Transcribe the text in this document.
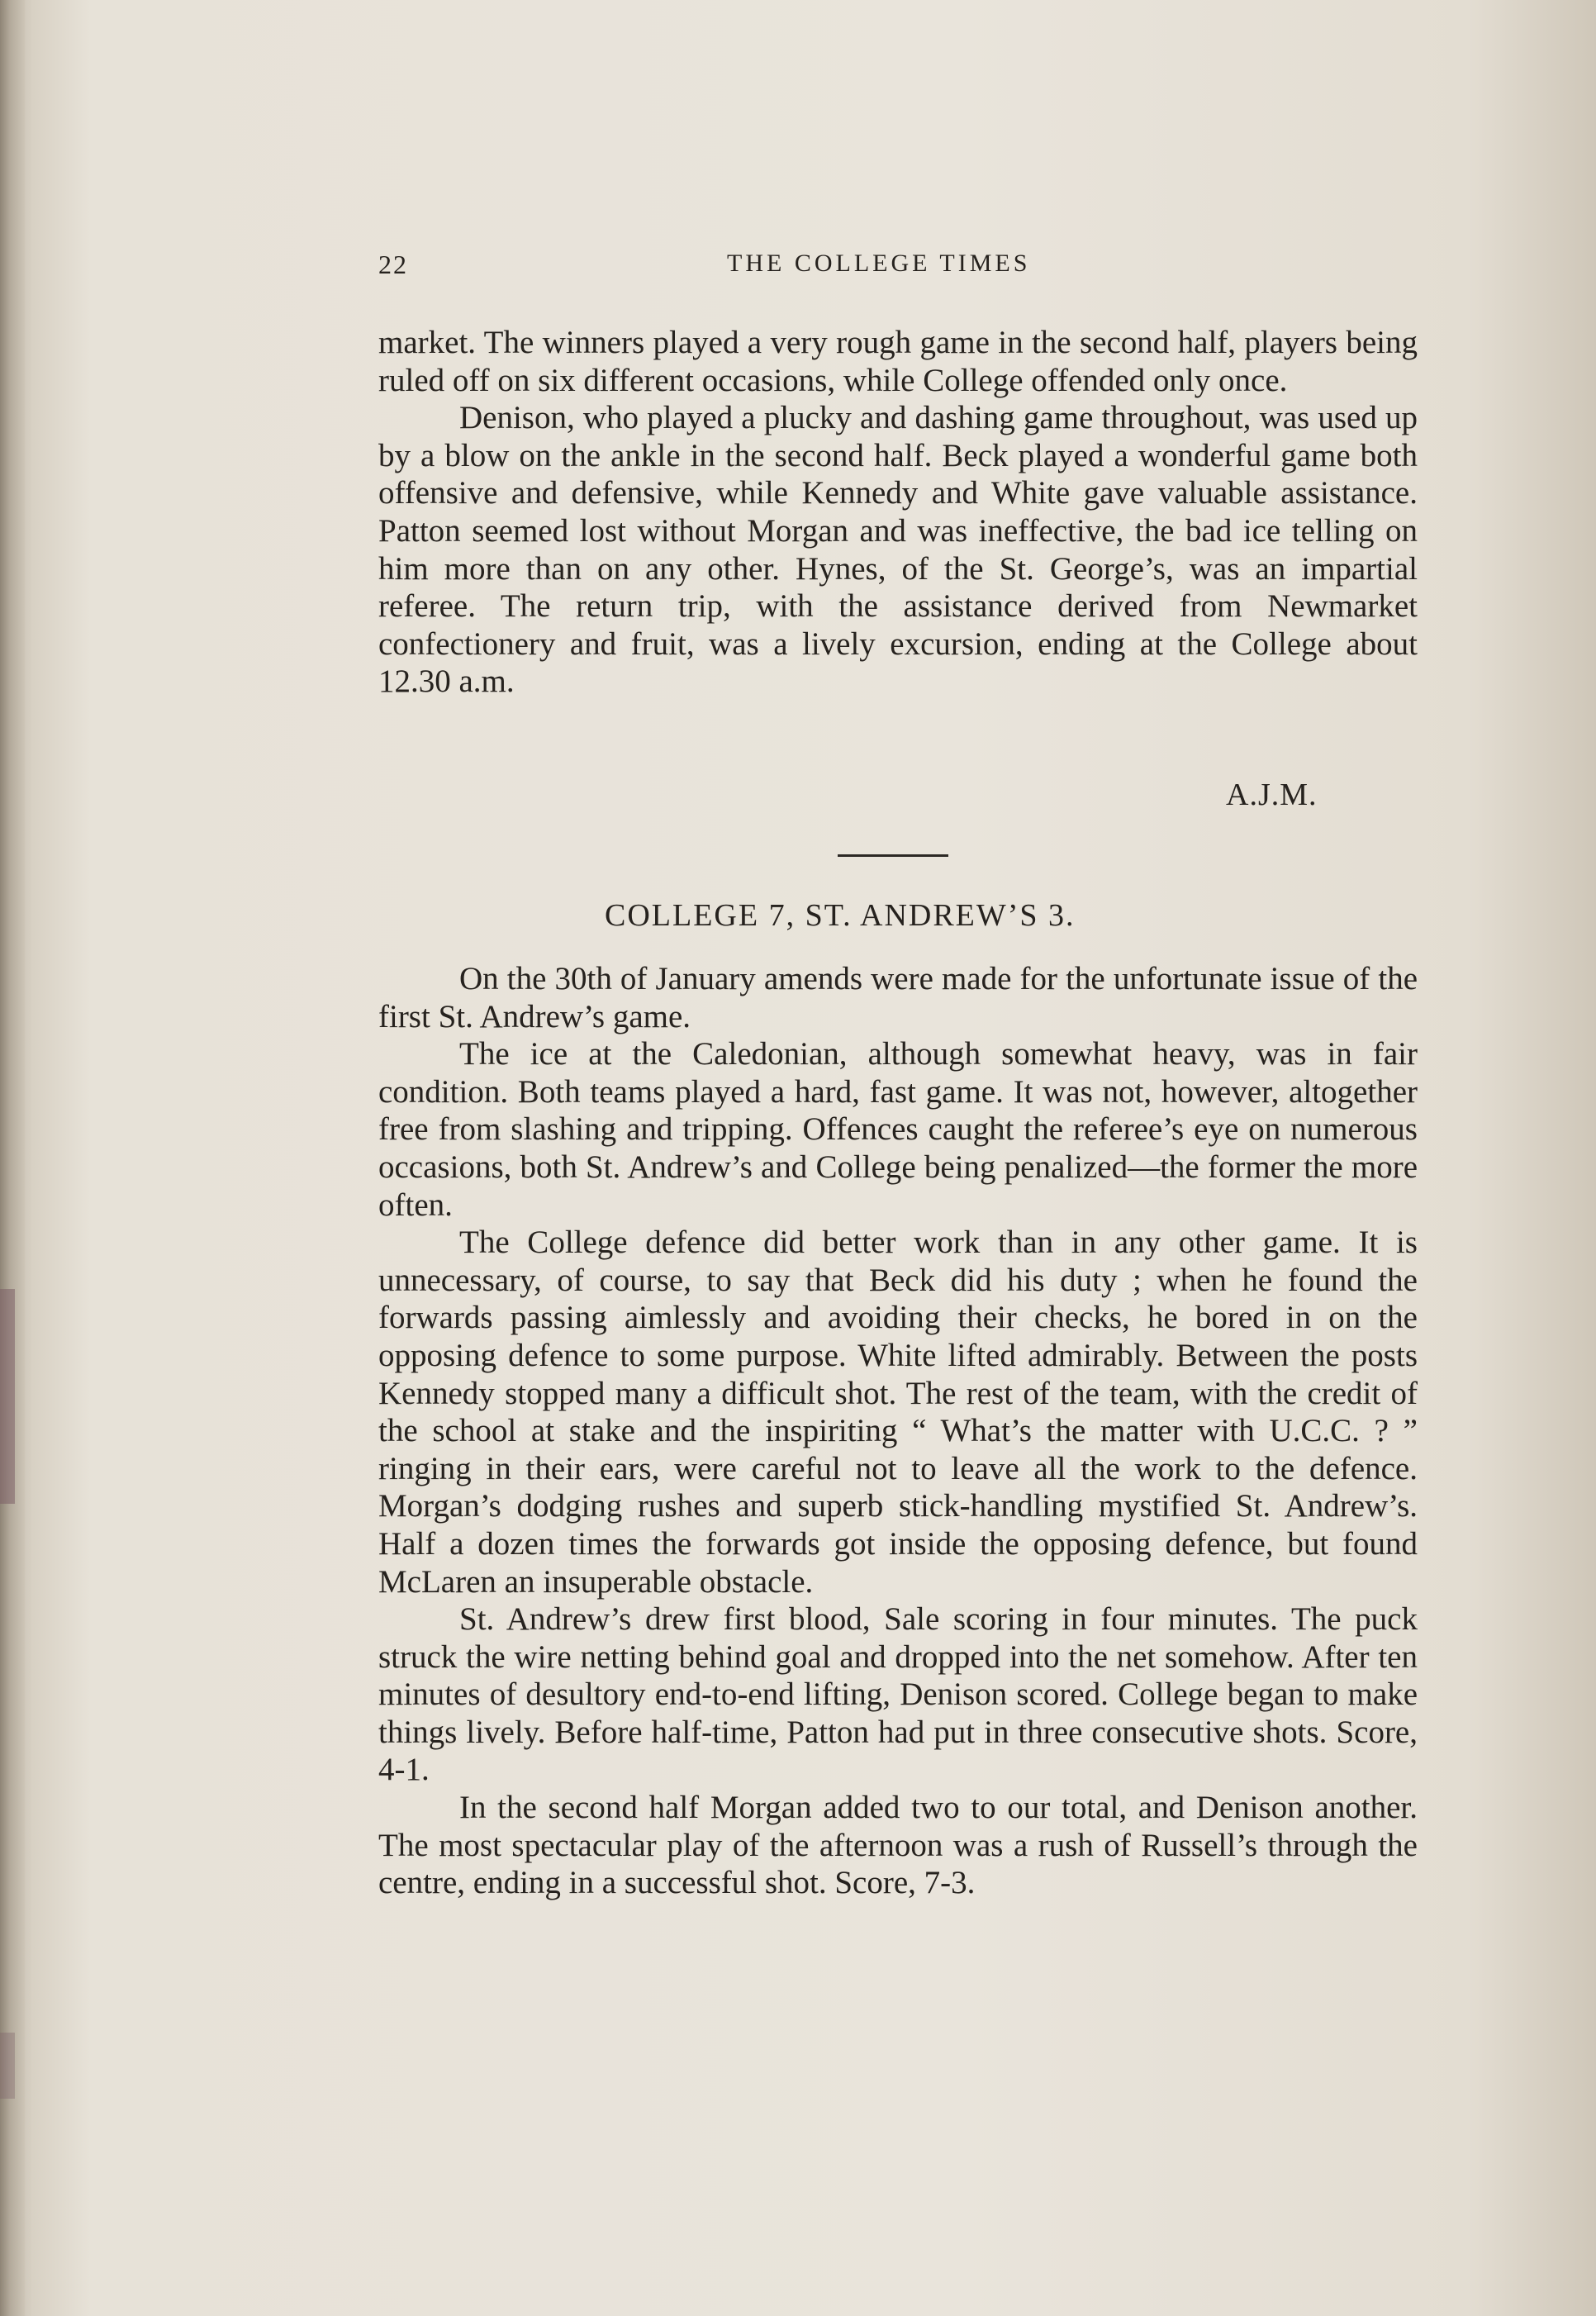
22	THE COLLEGE TIMES

market. The winners played a very rough game in the second half, players being ruled off on six different occasions, while College offended only once.

Denison, who played a plucky and dashing game throughout, was used up by a blow on the ankle in the second half. Beck played a wonderful game both offensive and defensive, while Kennedy and White gave valuable assistance. Patton seemed lost without Morgan and was ineffective, the bad ice telling on him more than on any other. Hynes, of the St. George’s, was an impartial referee. The return trip, with the assistance derived from Newmarket confectionery and fruit, was a lively excursion, ending at the College about 12.30 a.m.

A.J.M.
COLLEGE 7, ST. ANDREW’S 3.

On the 30th of January amends were made for the unfortunate issue of the first St. Andrew’s game.

The ice at the Caledonian, although somewhat heavy, was in fair condition. Both teams played a hard, fast game. It was not, however, altogether free from slashing and tripping. Offences caught the referee’s eye on numerous occasions, both St. Andrew’s and College being penalized—the former the more often.

The College defence did better work than in any other game. It is unnecessary, of course, to say that Beck did his duty ; when he found the forwards passing aimlessly and avoiding their checks, he bored in on the opposing defence to some purpose. White lifted admirably. Between the posts Kennedy stopped many a difficult shot. The rest of the team, with the credit of the school at stake and the inspiriting “ What’s the matter with U.C.C. ? ” ringing in their ears, were careful not to leave all the work to the defence. Morgan’s dodging rushes and superb stick-handling mystified St. Andrew’s. Half a dozen times the forwards got inside the opposing defence, but found McLaren an insuperable obstacle.

St. Andrew’s drew first blood, Sale scoring in four minutes. The puck struck the wire netting behind goal and dropped into the net somehow. After ten minutes of desultory end-to-end lifting, Denison scored. College began to make things lively. Before half-time, Patton had put in three consecutive shots. Score, 4-1.

In the second half Morgan added two to our total, and Denison another. The most spectacular play of the afternoon was a rush of Russell’s through the centre, ending in a successful shot. Score, 7-3.
